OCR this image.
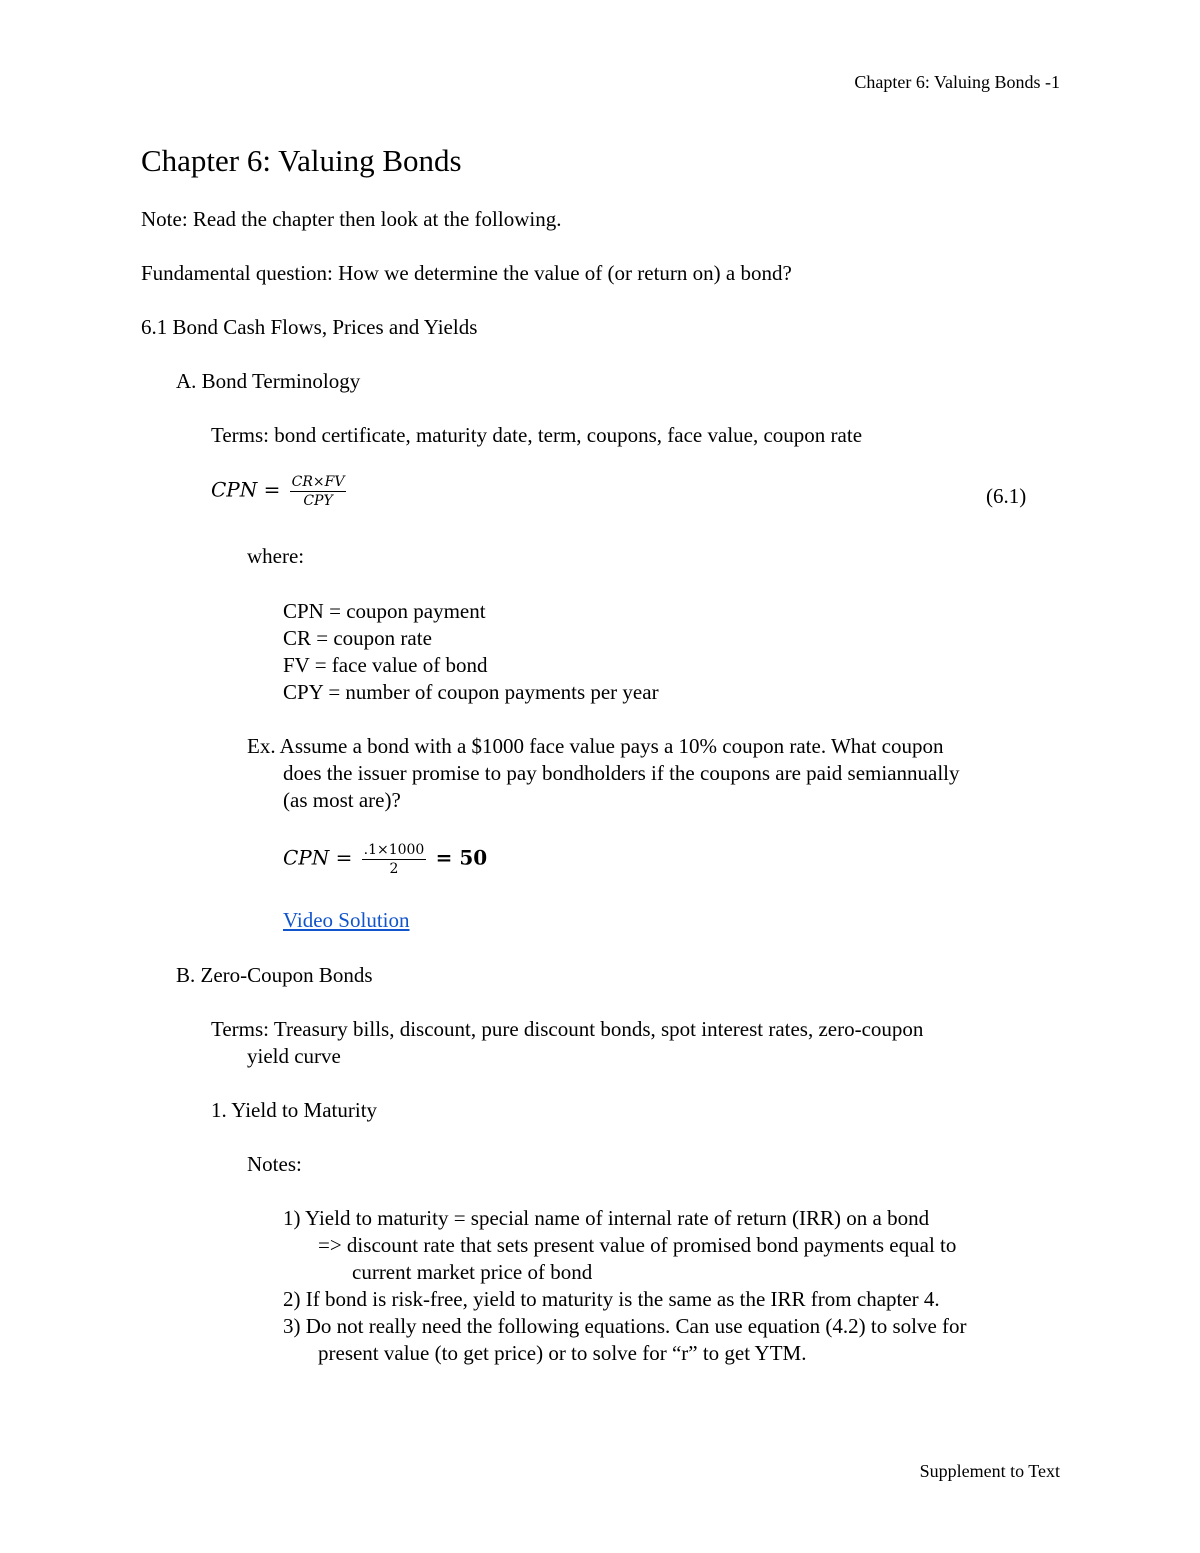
Chapter 6: Valuing Bonds -1
Chapter 6: Valuing Bonds
Note: Read the chapter then look at the following.
Fundamental question: How we determine the value of (or return on) a bond?
6.1 Bond Cash Flows, Prices and Yields
A. Bond Terminology
Terms: bond certificate, maturity date, term, coupons, face value, coupon rate
CPN = $\frac{CR\times FV}{\text{CPY}}$	(6.1)
where:
CPN = coupon payment
CR = coupon rate
FV = face value of bond
CPY = number of coupon payments per year
Ex. Assume a bond with a $1000 face value pays a 10% coupon rate. What coupon
does the issuer promise to pay bondholders if the coupons are paid semiannually
(as most are)?
CPN = $\frac{.1\times 1000}{2} = 50$
Video Solution
B. Zero-Coupon Bonds
Terms: Treasury bills, discount, pure discount bonds, spot interest rates, zero-coupon
yield curve
1. Yield to Maturity
Notes:
1) Yield to maturity = special name of internal rate of return (IRR) on a bond
=> discount rate that sets present value of promised bond payments equal to
current market price of bond
2) If bond is risk-free, yield to maturity is the same as the IRR from chapter 4.
3) Do not really need the following equations. Can use equation (4.2) to solve for
present value (to get price) or to solve for “r” to get YTM.
Supplement to Text
